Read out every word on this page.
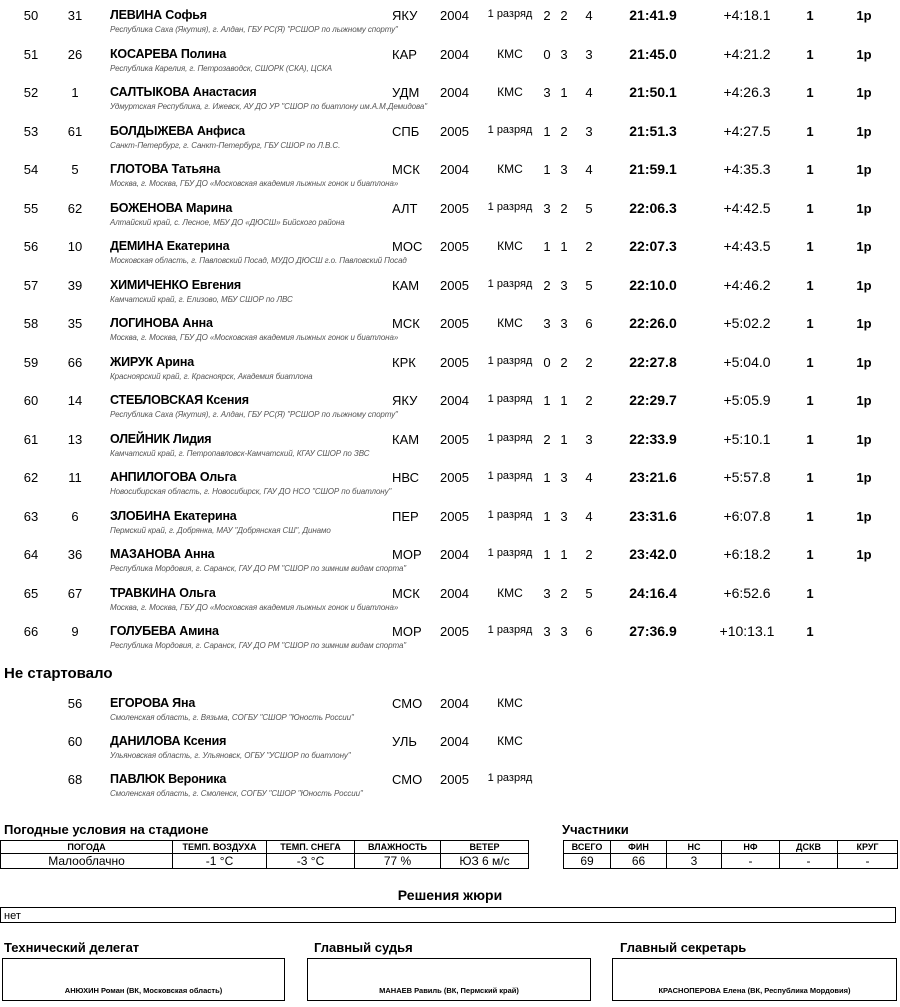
50	31	ЛЕВИНА Софья
Республика Саха (Якутия), г. Алдан, ГБУ РС(Я) "РСШОР по лыжному спорту"
ЯКУ 2004	1 разряд 2 2 4	21:41.9	+4:18.1	1	1р
51	26	КОСАРЕВА Полина
Республика Карелия, г. Петрозаводск, СШОРК (СКА), ЦСКА
КАР 2004	КМС	0 3 3	21:45.0	+4:21.2	1	1р
52	1	САЛТЫКОВА Анастасия
Удмуртская Республика, г. Ижевск, АУ ДО УР "СШОР по биатлону им.А.М.Демидова"
УДМ 2004	КМС	3 1 4	21:50.1	+4:26.3	1	1р
53	61	БОЛДЫЖЕВА Анфиса
Санкт-Петербург, г. Санкт-Петербург, ГБУ СШОР по Л.В.С.
СПБ 2005	1 разряд 1 2 3	21:51.3	+4:27.5	1	1р
54	5	ГЛОТОВА Татьяна
Москва, г. Москва, ГБУ ДО «Московская академия лыжных гонок и биатлона»
МСК 2004	КМС	1 3 4	21:59.1	+4:35.3	1	1р
55	62	БОЖЕНОВА Марина
Алтайский край, с. Лесное, МБУ ДО «ДЮСШ» Бийского района
АЛТ 2005	1 разряд 3 2 5	22:06.3	+4:42.5	1	1р
56	10	ДЕМИНА Екатерина
Московская область, г. Павловский Посад, МУДО ДЮСШ г.о. Павловский Посад
МОС 2005	КМС	1 1 2	22:07.3	+4:43.5	1	1р
57	39	ХИМИЧЕНКО Евгения
Камчатский край, г. Елизово, МБУ СШОР по ЛВС
КАМ 2005	1 разряд 2 3 5	22:10.0	+4:46.2	1	1р
58	35	ЛОГИНОВА Анна
Москва, г. Москва, ГБУ ДО «Московская академия лыжных гонок и биатлона»
МСК 2005	КМС	3 3 6	22:26.0	+5:02.2	1	1р
59	66	ЖИРУК Арина
Красноярский край, г. Красноярск, Академия биатлона
КРК 2005	1 разряд 0 2 2	22:27.8	+5:04.0	1	1р
60	14	СТЕБЛОВСКАЯ Ксения
Республика Саха (Якутия), г. Алдан, ГБУ РС(Я) "РСШОР по лыжному спорту"
ЯКУ 2004	1 разряд 1 1 2	22:29.7	+5:05.9	1	1р
61	13	ОЛЕЙНИК Лидия
Камчатский край, г. Петропавловск-Камчатский, КГАУ СШОР по ЗВС
КАМ 2005	1 разряд 2 1 3	22:33.9	+5:10.1	1	1р
62	11	АНПИЛОГОВА Ольга
Новосибирская область, г. Новосибирск, ГАУ ДО НСО "СШОР по биатлону"
НВС 2005	1 разряд 1 3 4	23:21.6	+5:57.8	1	1р
63	6	ЗЛОБИНА Екатерина
Пермский край, г. Добрянка, МАУ "Добрянская СШ", Динамо
ПЕР 2005	1 разряд 1 3 4	23:31.6	+6:07.8	1	1р
64	36	МАЗАНОВА Анна
Республика Мордовия, г. Саранск, ГАУ ДО РМ "СШОР по зимним видам спорта"
МОР 2004	1 разряд 1 1 2	23:42.0	+6:18.2	1	1р
65	67	ТРАВКИНА Ольга
Москва, г. Москва, ГБУ ДО «Московская академия лыжных гонок и биатлона»
МСК 2004	КМС	3 2 5	24:16.4	+6:52.6	1
66	9	ГОЛУБЕВА Амина
Республика Мордовия, г. Саранск, ГАУ ДО РМ "СШОР по зимним видам спорта"
МОР 2005	1 разряд 3 3 6	27:36.9	+10:13.1	1
Не стартовало
56	ЕГОРОВА Яна
Смоленская область, г. Вязьма, СОГБУ "СШОР "Юность России"
СМО 2004	КМС
60	ДАНИЛОВА Ксения
Ульяновская область, г. Ульяновск, ОГБУ "УСШОР по биатлону"
УЛЬ 2004	КМС
68	ПАВЛЮК Вероника
Смоленская область, г. Смоленск, СОГБУ "СШОР "Юность России"
СМО 2005	1 разряд
Погодные условия на стадионе
ПОГОДА	ТЕМП. ВОЗДУХА	ТЕМП. СНЕГА	ВЛАЖНОСТЬ	ВЕТЕР
Малооблачно	-1 °C	-3 °C	77 %	ЮЗ 6 м/с
Участники
ВСЕГО	ФИН	НС	НФ	ДСКВ	КРУГ
69	66	3	-	-	-
Решения жюри
нет
Технический делегат	Главный судья	Главный секретарь
АНЮХИН Роман (ВК, Московская область)	МАНАЕВ Равиль (ВК, Пермский край)	КРАСНОПЕРОВА Елена (ВК, Республика Мордовия)
